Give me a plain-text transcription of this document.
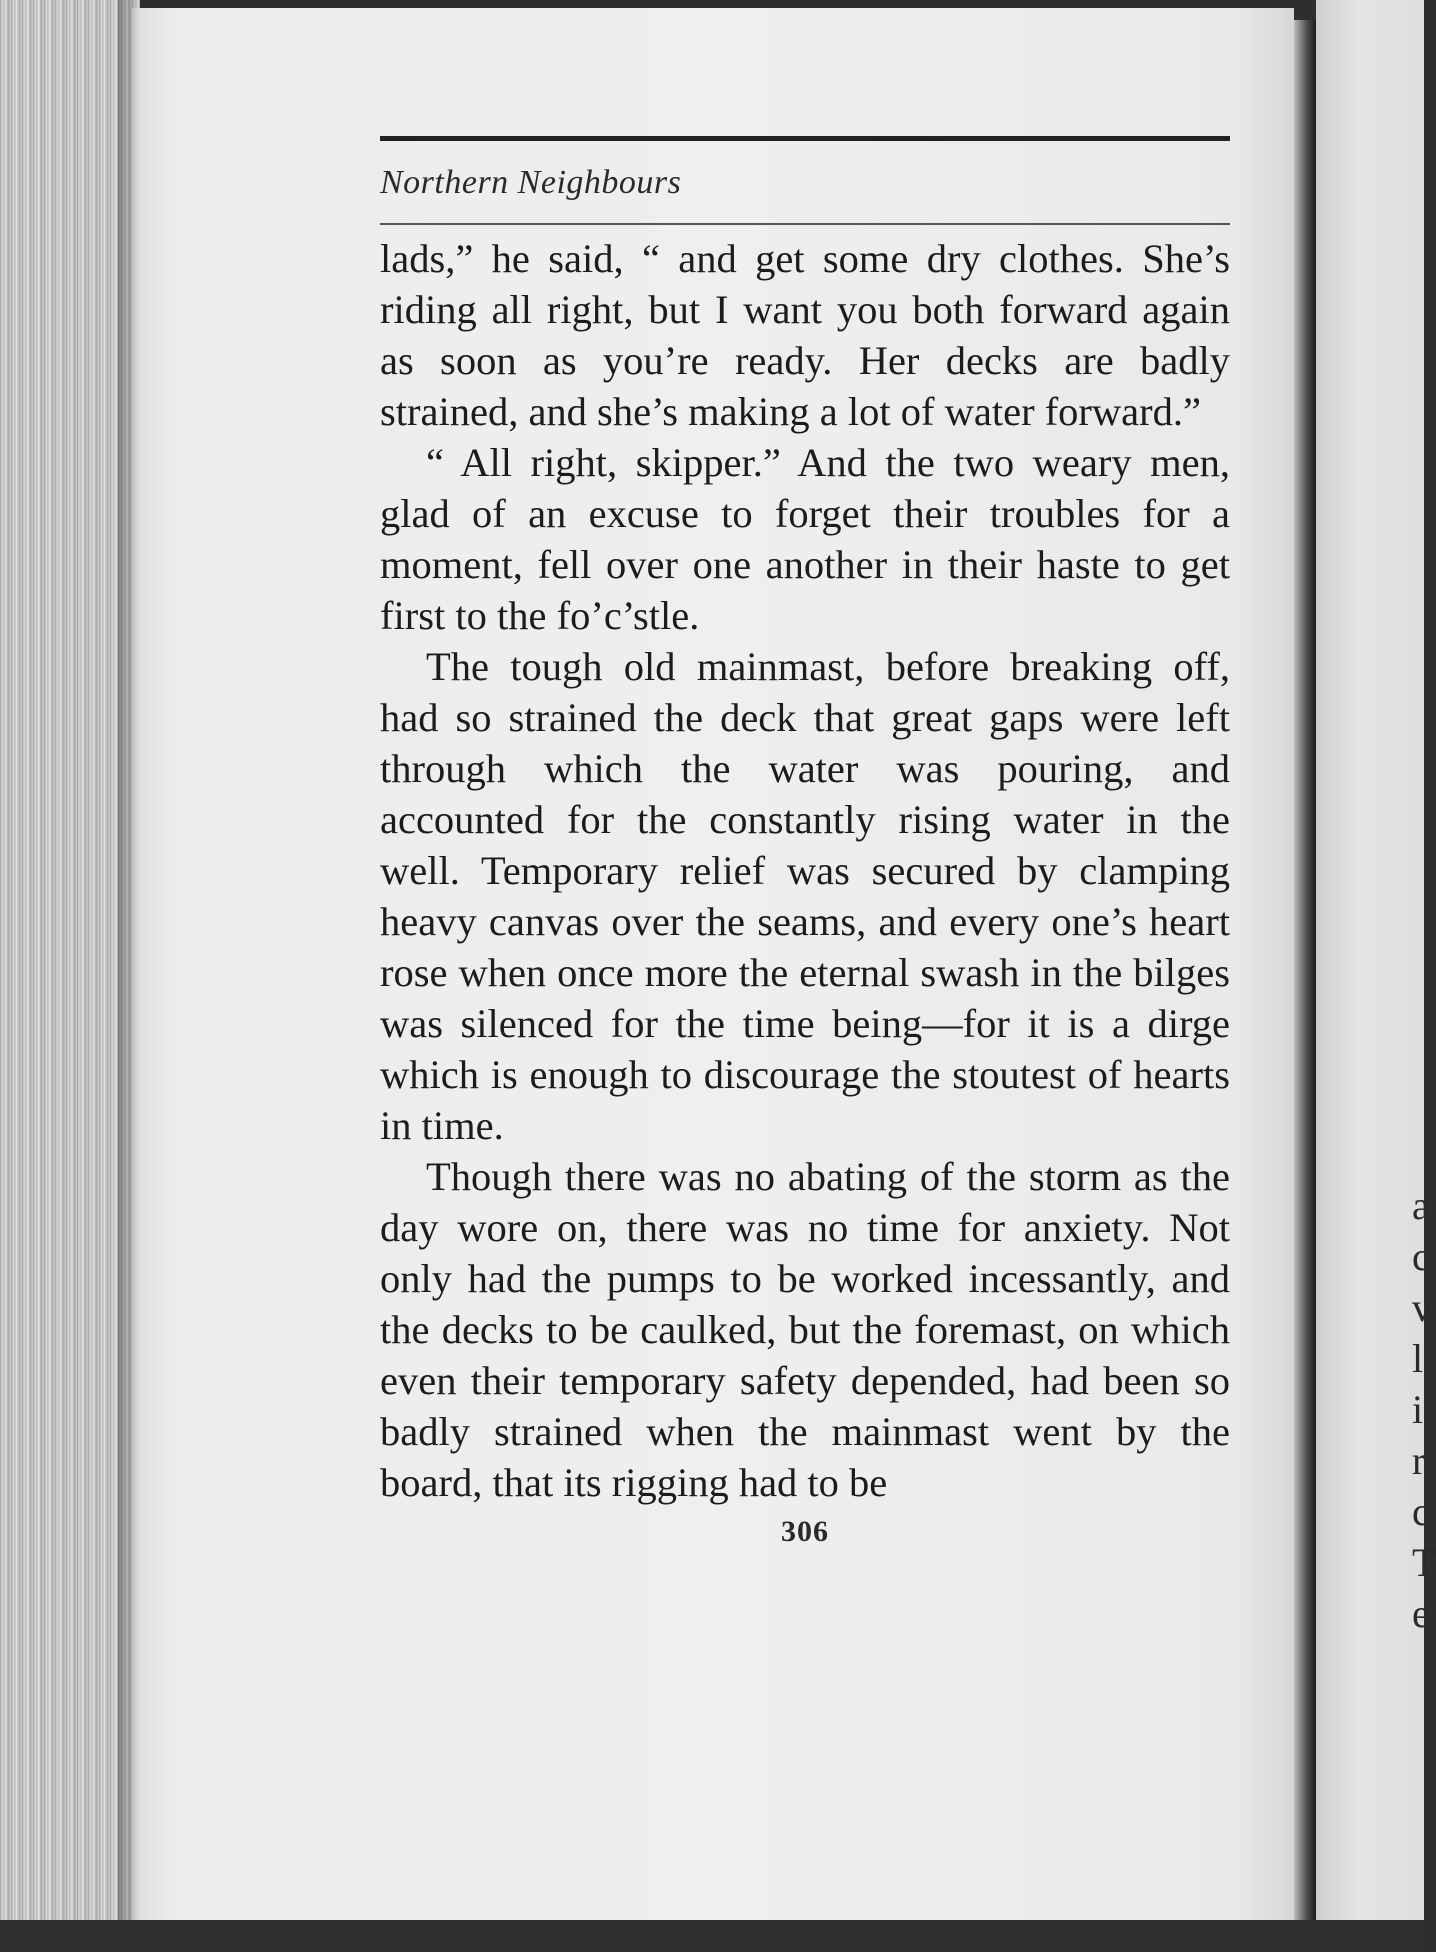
a
c
v
l
i
r
c
T
e
Northern Neighbours

lads,” he said, “ and get some dry clothes. She’s riding all right, but I want you both forward again as soon as you’re ready. Her decks are badly strained, and she’s making a lot of water forward.”

“ All right, skipper.” And the two weary men, glad of an excuse to forget their troubles for a moment, fell over one another in their haste to get first to the fo’c’stle.

The tough old mainmast, before breaking off, had so strained the deck that great gaps were left through which the water was pouring, and accounted for the constantly rising water in the well. Temporary relief was secured by clamping heavy canvas over the seams, and every one’s heart rose when once more the eternal swash in the bilges was silenced for the time being—for it is a dirge which is enough to discourage the stoutest of hearts in time.

Though there was no abating of the storm as the day wore on, there was no time for anxiety. Not only had the pumps to be worked incessantly, and the decks to be caulked, but the foremast, on which even their temporary safety depended, had been so badly strained when the mainmast went by the board, that its rigging had to be

306
